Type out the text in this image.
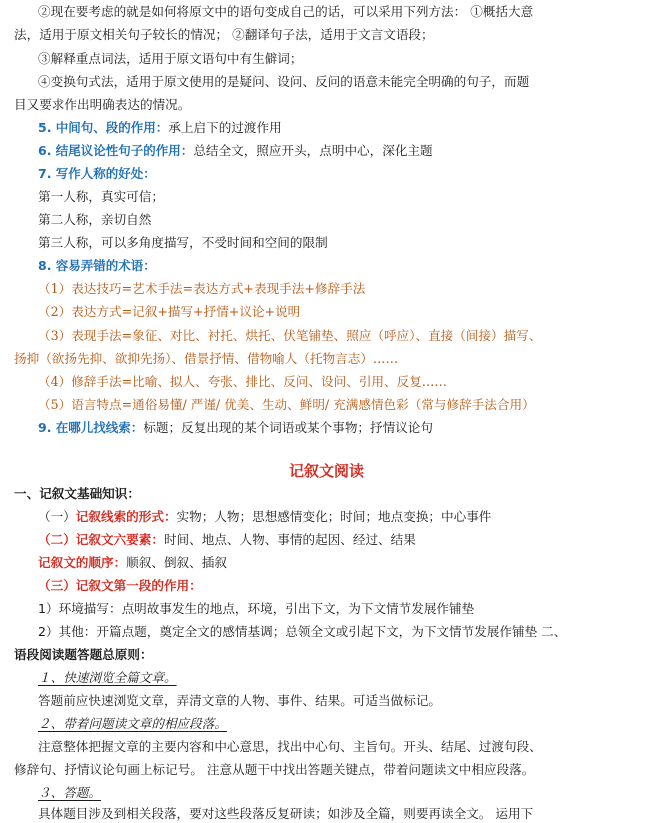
②现在要考虑的就是如何将原文中的语句变成自己的话，可以采用下列方法： ①概括大意
法，适用于原文相关句子较长的情况； ②翻译句子法，适用于文言文语段；
③解释重点词法，适用于原文语句中有生僻词；
④变换句式法，适用于原文使用的是疑问、设问、反问的语意未能完全明确的句子，而题
目又要求作出明确表达的情况。
5. 中间句、段的作用：承上启下的过渡作用
6. 结尾议论性句子的作用：总结全文，照应开头，点明中心，深化主题
7. 写作人称的好处：
第一人称，真实可信；
第二人称，亲切自然
第三人称，可以多角度描写，不受时间和空间的限制
8. 容易弄错的术语：
（1）表达技巧=艺术手法=表达方式+表现手法+修辞手法
（2）表达方式=记叙+描写+抒情+议论+说明
（3）表现手法=象征、对比、衬托、烘托、伏笔铺垫、照应（呼应）、直接（间接）描写、
扬抑（欲扬先抑、欲抑先扬）、借景抒情、借物喻人（托物言志）……
（4）修辞手法=比喻、拟人、夸张、排比、反问、设问、引用、反复……
（5）语言特点=通俗易懂/ 严谨/ 优美、生动、鲜明/ 充满感情色彩（常与修辞手法合用）
9. 在哪儿找线索：标题；反复出现的某个词语或某个事物；抒情议论句
记叙文阅读
一、记叙文基础知识：
（一）记叙线索的形式：实物；人物；思想感情变化；时间；地点变换；中心事件
（二）记叙文六要素：时间、地点、人物、事情的起因、经过、结果
记叙文的顺序：顺叙、倒叙、插叙
（三）记叙文第一段的作用：
1）环境描写：点明故事发生的地点，环境，引出下文，为下文情节发展作铺垫
2）其他：开篇点题，奠定全文的感情基调；总领全文或引起下文，为下文情节发展作铺垫 二、
语段阅读题答题总原则：
１、快速浏览全篇文章。
答题前应快速浏览文章，弄清文章的人物、事件、结果。可适当做标记。
２、带着问题读文章的相应段落。
注意整体把握文章的主要内容和中心意思，找出中心句、主旨句。开头、结尾、过渡句段、
修辞句、抒情议论句画上标记号。 注意从题干中找出答题关键点，带着问题读文中相应段落。
３、答题。
具体题目涉及到相关段落，要对这些段落反复研读；如涉及全篇，则要再读全文。 运用下
